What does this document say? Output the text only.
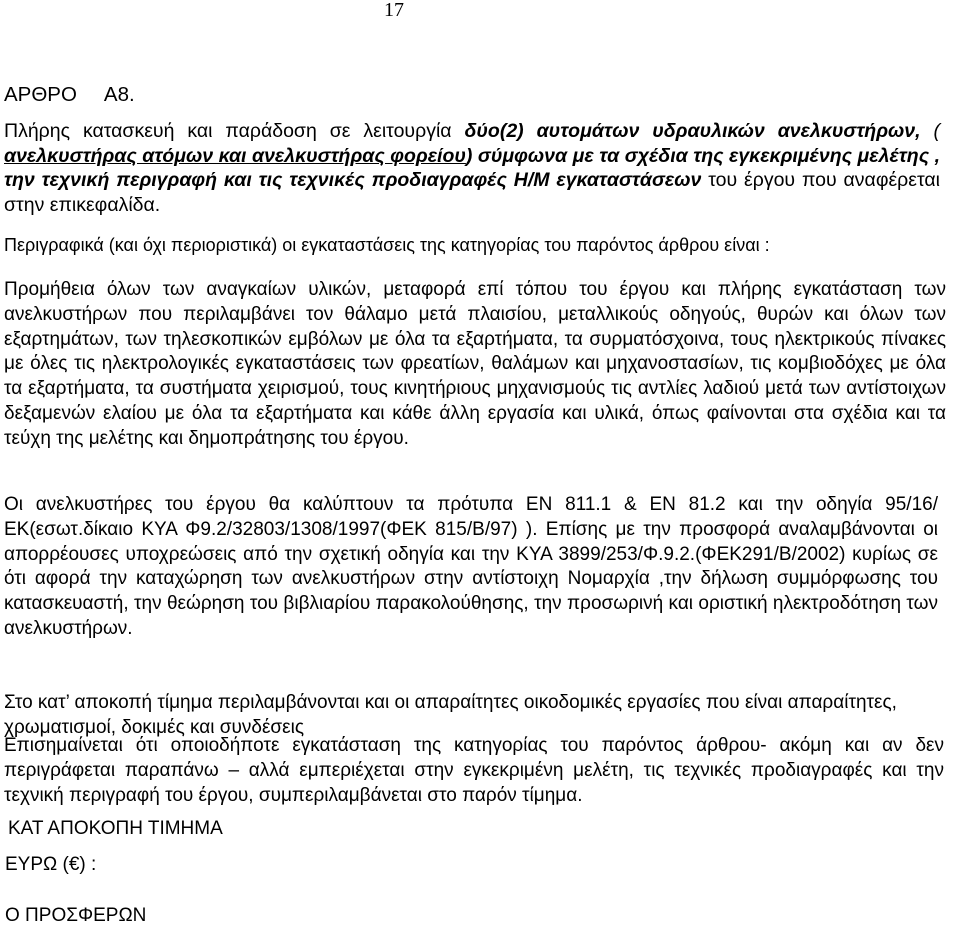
17
ΑΡΘΡΟ Α8.
Πλήρης κατασκευή και παράδοση σε λειτουργία δύο(2) αυτομάτων υδραυλικών ανελκυστήρων, ( ανελκυστήρας ατόμων και ανελκυστήρας φορείου) σύμφωνα με τα σχέδια της εγκεκριμένης μελέτης , την τεχνική περιγραφή και τις τεχνικές προδιαγραφές Η/Μ εγκαταστάσεων του έργου που αναφέρεται στην επικεφαλίδα.
Περιγραφικά (και όχι περιοριστικά) οι εγκαταστάσεις της κατηγορίας του παρόντος άρθρου είναι :
Προμήθεια όλων των αναγκαίων υλικών, μεταφορά επί τόπου του έργου και πλήρης εγκατάσταση των ανελκυστήρων που περιλαμβάνει τον θάλαμο μετά πλαισίου, μεταλλικούς οδηγούς, θυρών και όλων των εξαρτημάτων, των τηλεσκοπικών εμβόλων με όλα τα εξαρτήματα, τα συρματόσχοινα, τους ηλεκτρικούς πίνακες με όλες τις ηλεκτρολογικές εγκαταστάσεις των φρεατίων, θαλάμων και μηχανοστασίων, τις κομβιοδόχες με όλα τα εξαρτήματα, τα συστήματα χειρισμού, τους κινητήριους μηχανισμούς τις αντλίες λαδιού μετά των αντίστοιχων δεξαμενών ελαίου με όλα τα εξαρτήματα και κάθε άλλη εργασία και υλικά, όπως φαίνονται στα σχέδια και τα τεύχη της μελέτης και δημοπράτησης του έργου.
Οι ανελκυστήρες του έργου θα καλύπτουν τα πρότυπα ΕΝ 811.1 & ΕΝ 81.2 και την οδηγία 95/16/ΕΚ(εσωτ.δίκαιο ΚΥΑ Φ9.2/32803/1308/1997(ΦΕΚ 815/Β/97) ). Επίσης με την προσφορά αναλαμβάνονται οι απορρέουσες υποχρεώσεις από την σχετική οδηγία και την ΚΥΑ 3899/253/Φ.9.2.(ΦΕΚ291/Β/2002) κυρίως σε ότι αφορά την καταχώρηση των ανελκυστήρων στην αντίστοιχη Νομαρχία ,την δήλωση συμμόρφωσης του κατασκευαστή, την θεώρηση του βιβλιαρίου παρακολούθησης, την προσωρινή και οριστική ηλεκτροδότηση των ανελκυστήρων.
Στο κατ’ αποκοπή τίμημα περιλαμβάνονται και οι απαραίτητες οικοδομικές εργασίες που είναι απαραίτητες, χρωματισμοί, δοκιμές και συνδέσεις
Επισημαίνεται ότι οποιοδήποτε εγκατάσταση της κατηγορίας του παρόντος άρθρου- ακόμη και αν δεν περιγράφεται παραπάνω – αλλά εμπεριέχεται στην εγκεκριμένη μελέτη, τις τεχνικές προδιαγραφές και την τεχνική περιγραφή του έργου, συμπεριλαμβάνεται στο παρόν τίμημα.
ΚΑΤ ΑΠΟΚΟΠΗ ΤΙΜΗΜΑ
ΕΥΡΩ (€) :
Ο ΠΡΟΣΦΕΡΩΝ
